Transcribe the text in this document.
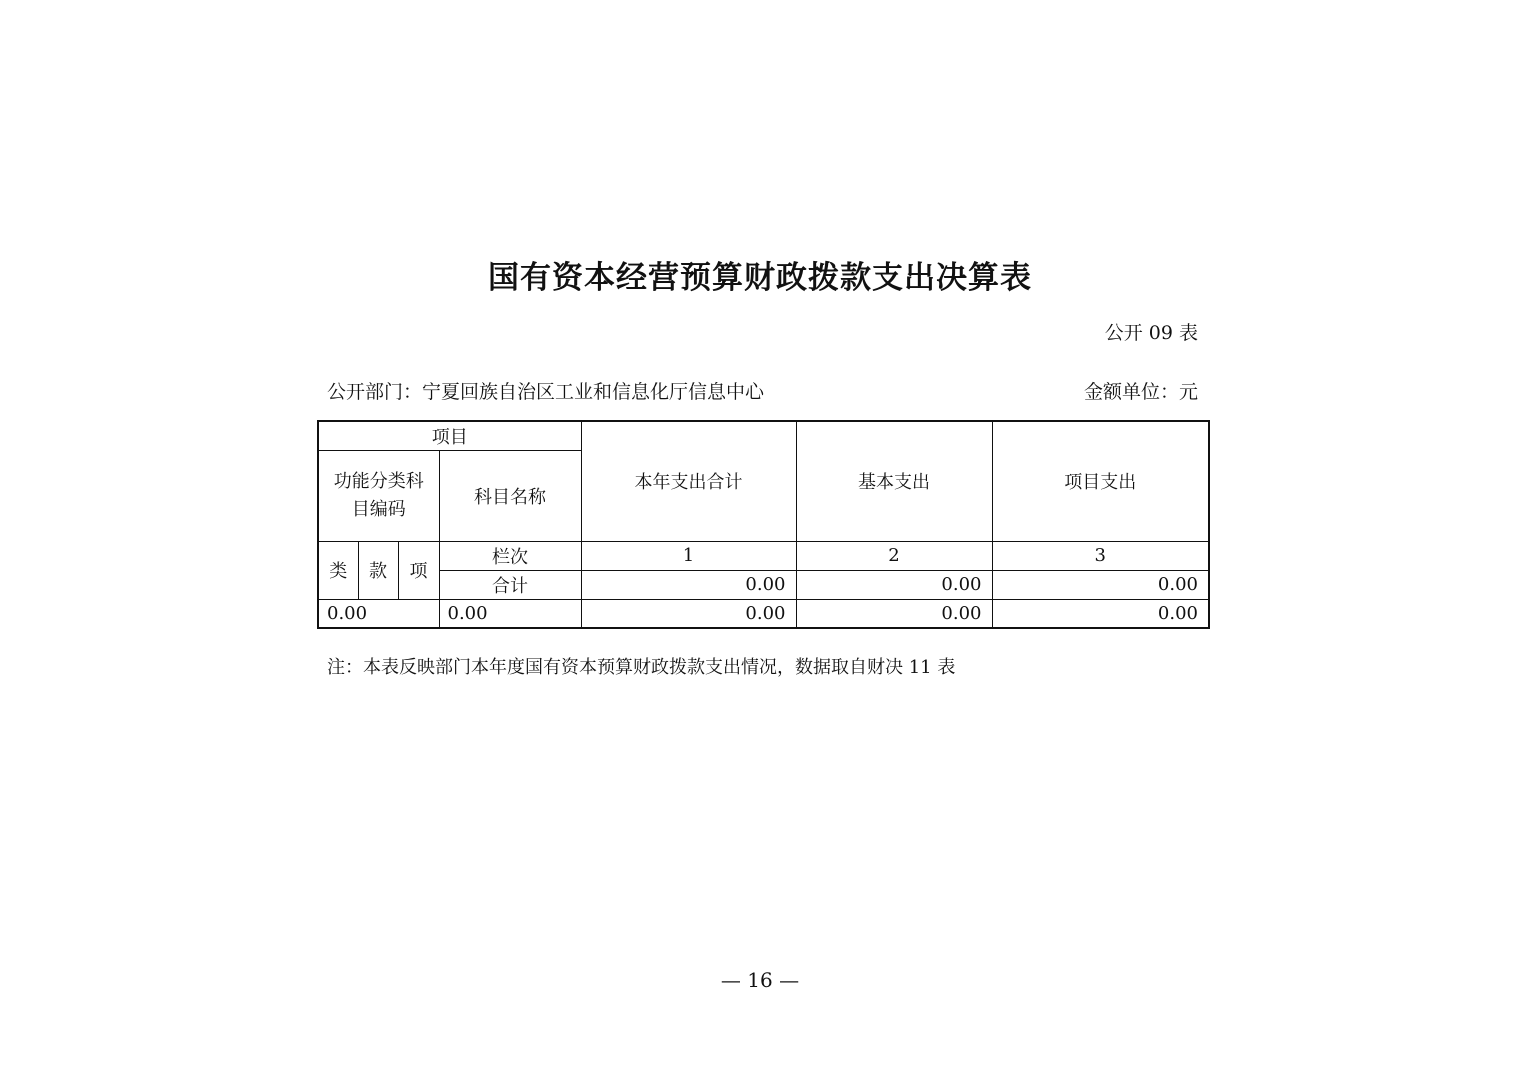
国有资本经营预算财政拨款支出决算表
公开 09 表
公开部门：宁夏回族自治区工业和信息化厅信息中心	金额单位：元
项目				本年支出合计	基本支出	项目支出
功能分类科目编码			科目名称			
类	款	项	栏次	1	2	3
			合计	0.00	0.00	0.00
0.00			0.00	0.00	0.00	0.00
注：本表反映部门本年度国有资本预算财政拨款支出情况，数据取自财决 11 表
— 16 —
